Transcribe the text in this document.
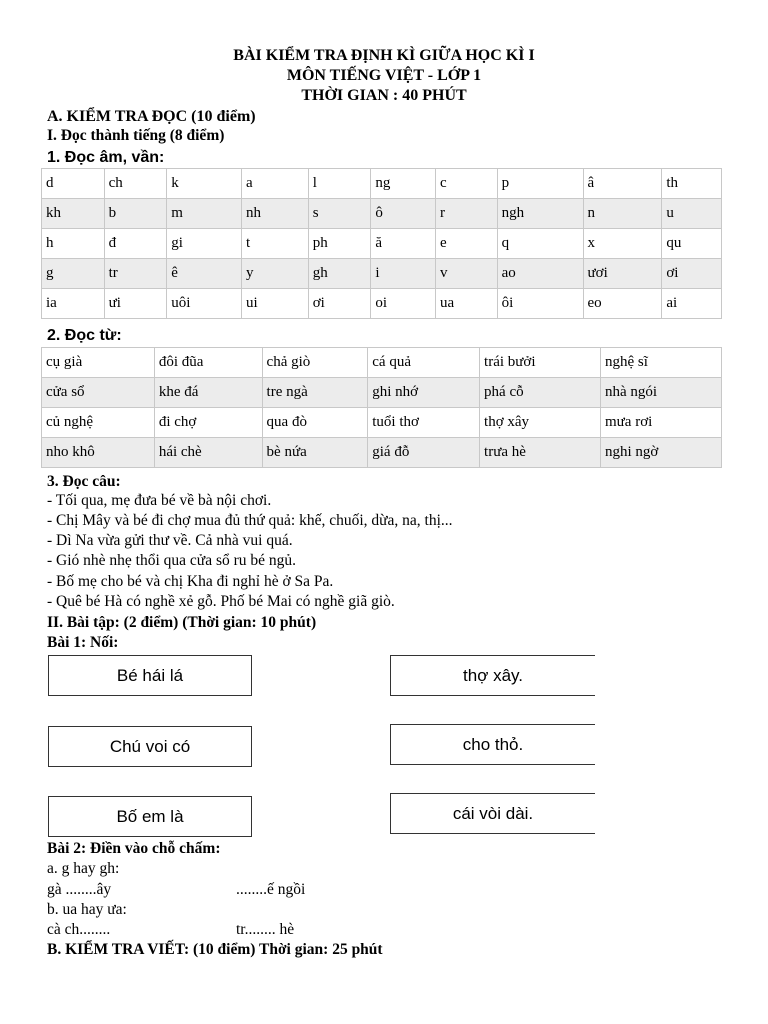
BÀI KIỂM TRA ĐỊNH KÌ GIỮA HỌC KÌ I
MÔN TIẾNG VIỆT - LỚP 1
THỜI GIAN : 40 PHÚT
A. KIỂM TRA ĐỌC (10 điểm)
I. Đọc thành tiếng (8 điểm)
1. Đọc âm, vần:
d	ch	k	a	l	ng	c	p	â	th
kh	b	m	nh	s	ô	r	ngh	n	u
h	đ	gi	t	ph	ă	e	q	x	qu
g	tr	ê	y	gh	i	v	ao	ươi	ơi
ia	ưi	uôi	ui	ơi	oi	ua	ôi	eo	ai
2. Đọc từ:
cụ già	đôi đũa	chả giò	cá quả	trái bưởi	nghệ sĩ
cửa sổ	khe đá	tre ngà	ghi nhớ	phá cỗ	nhà ngói
củ nghệ	đi chợ	qua đò	tuổi thơ	thợ xây	mưa rơi
nho khô	hái chè	bè nứa	giá đỗ	trưa hè	nghi ngờ
3. Đọc câu:
- Tối qua, mẹ đưa bé về bà nội chơi.
- Chị Mây và bé đi chợ mua đủ thứ quả: khế, chuối, dừa, na, thị...
- Dì Na vừa gửi thư về. Cả nhà vui quá.
- Gió nhè nhẹ thổi qua cửa sổ ru bé ngủ.
- Bố mẹ cho bé và chị Kha đi nghỉ hè ở Sa Pa.
- Quê bé Hà có nghề xẻ gỗ. Phố bé Mai có nghề giã giò.
II. Bài tập: (2 điểm) (Thời gian: 10 phút)
Bài 1: Nối:
Bé hái lá
Chú voi có
Bố em là
thợ xây.
cho thỏ.
cái vòi dài.
Bài 2: Điền vào chỗ chấm:
a. g hay gh:
gà ........ây	........ế ngồi
b. ua hay ưa:
cà ch........	tr........ hè
B. KIỂM TRA VIẾT: (10 điểm) Thời gian: 25 phút
